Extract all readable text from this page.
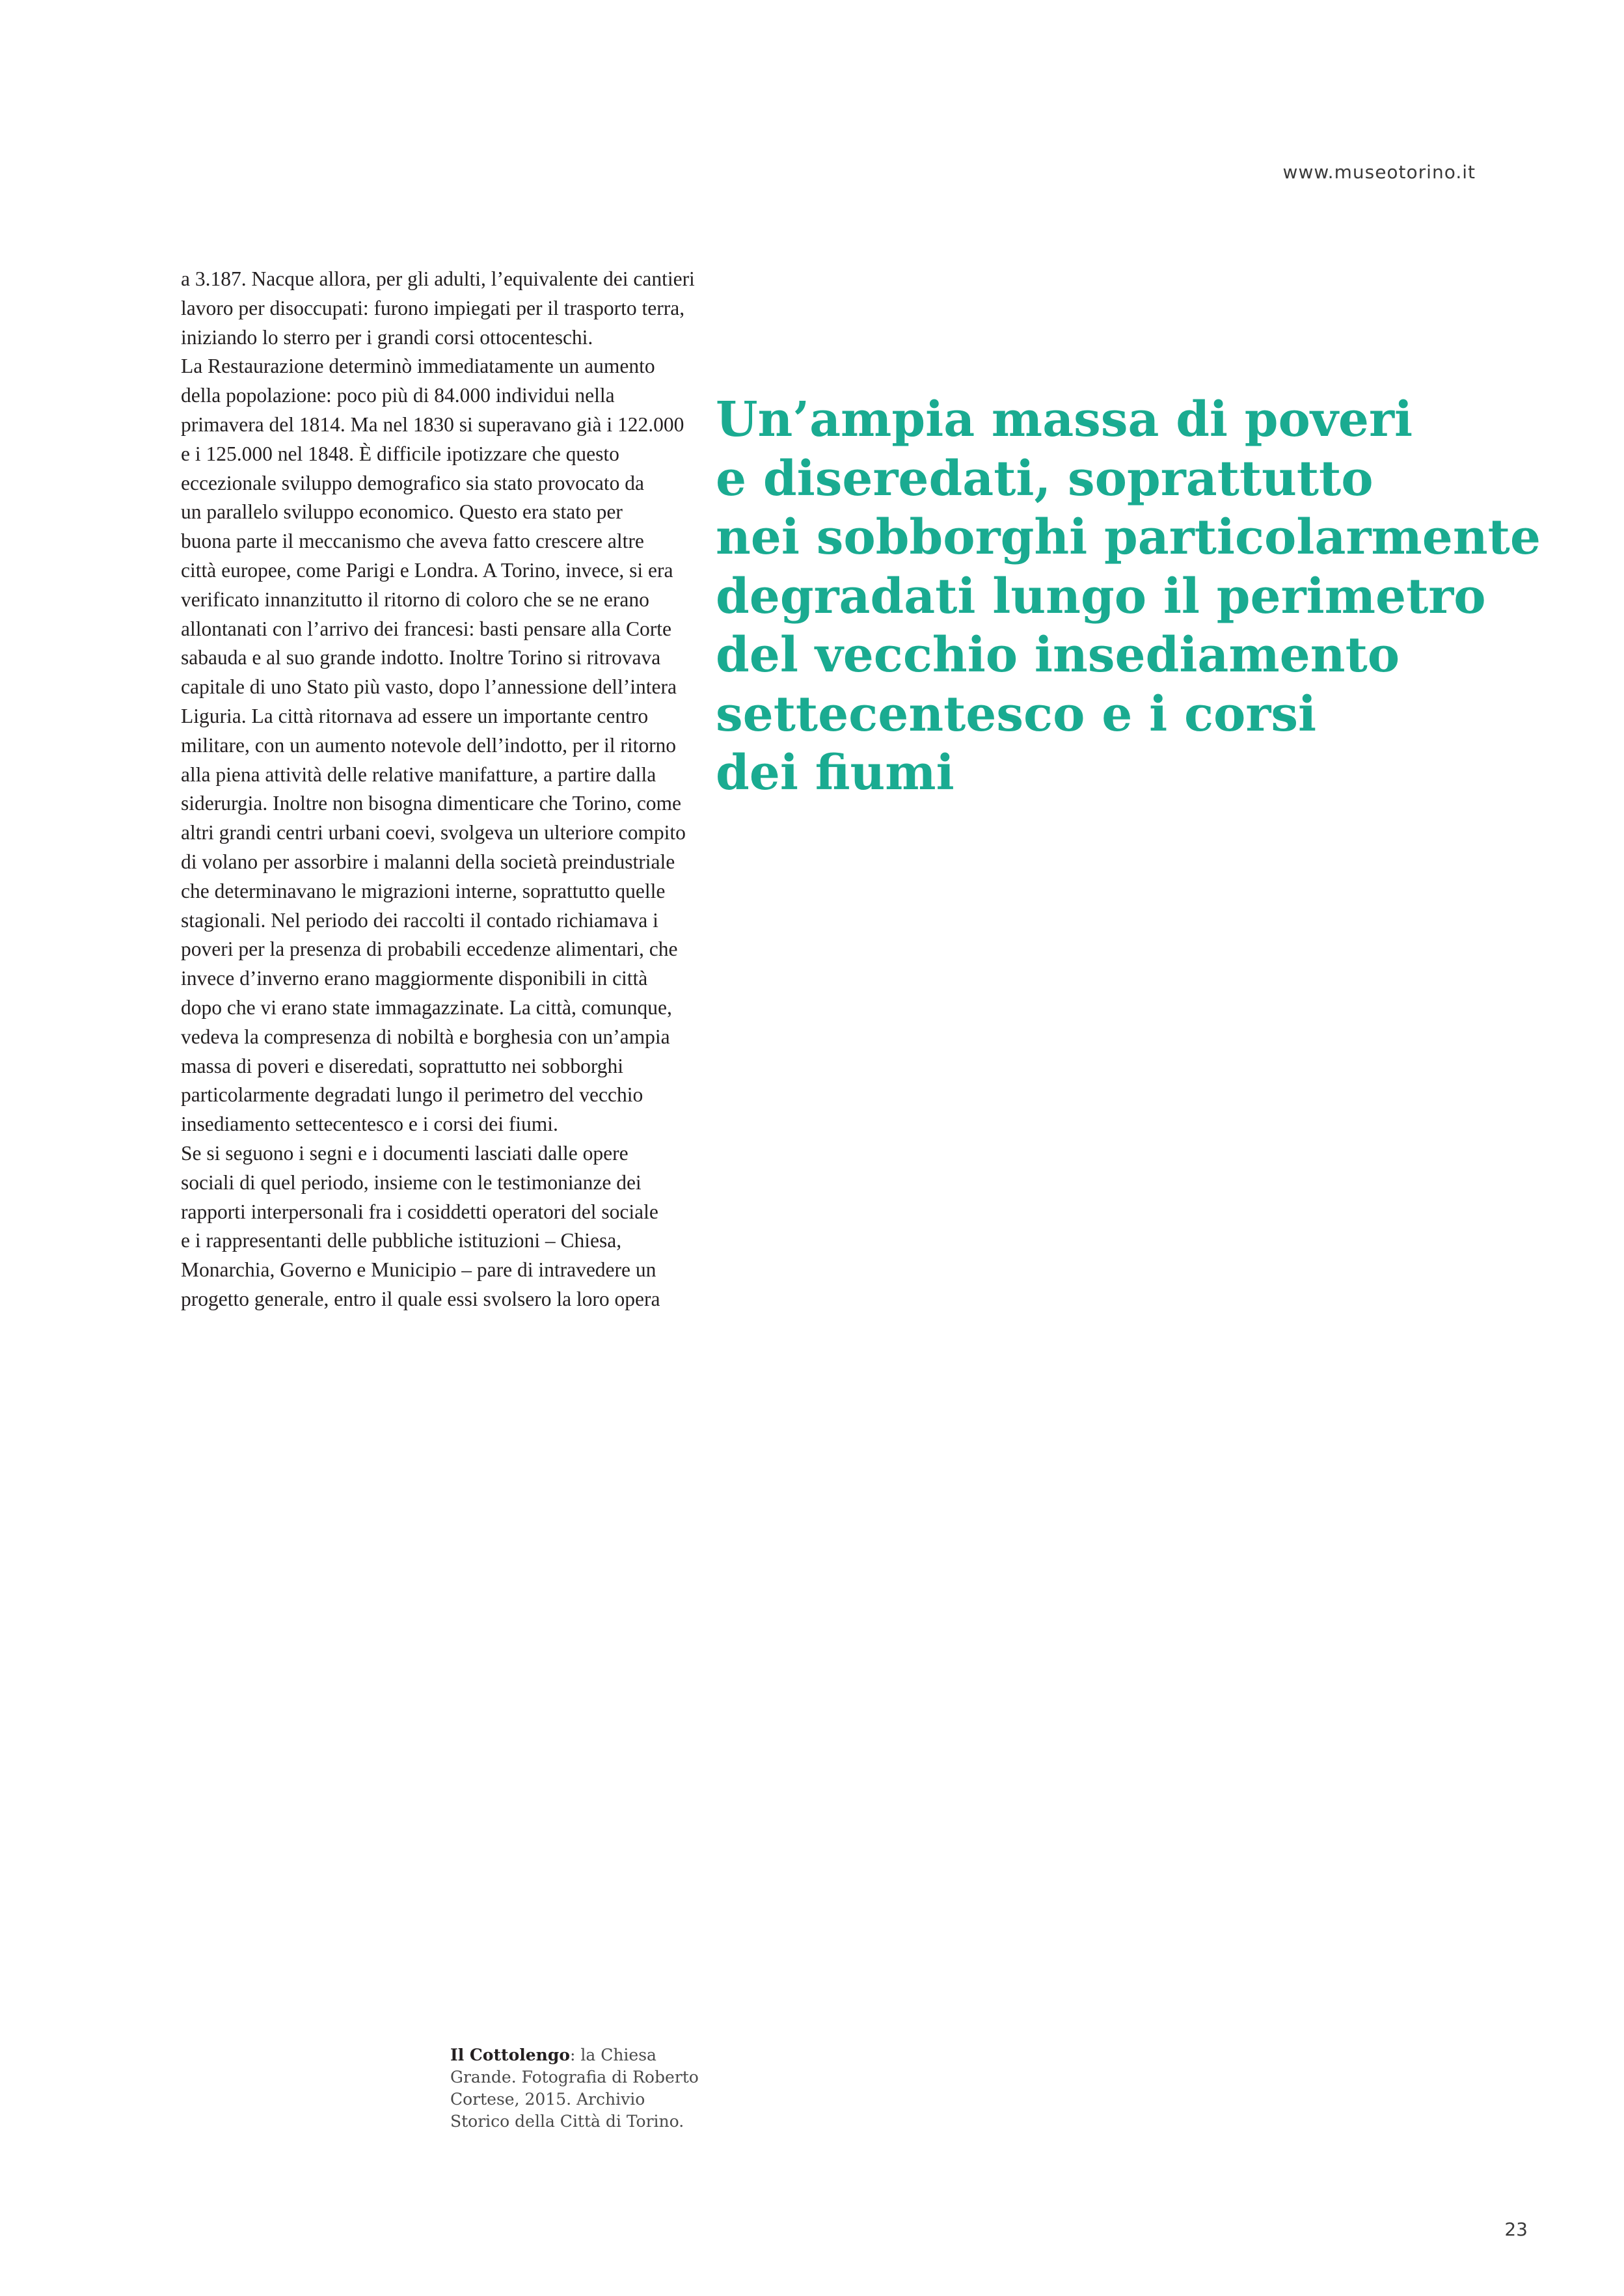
www.museotorino.it

a 3.187. Nacque allora, per gli adulti, l’equivalente dei cantieri
lavoro per disoccupati: furono impiegati per il trasporto terra,
iniziando lo sterro per i grandi corsi ottocenteschi.
La Restaurazione determinò immediatamente un aumento
della popolazione: poco più di 84.000 individui nella
primavera del 1814. Ma nel 1830 si superavano già i 122.000
e i 125.000 nel 1848. È difficile ipotizzare che questo
eccezionale sviluppo demografico sia stato provocato da
un parallelo sviluppo economico. Questo era stato per
buona parte il meccanismo che aveva fatto crescere altre
città europee, come Parigi e Londra. A Torino, invece, si era
verificato innanzitutto il ritorno di coloro che se ne erano
allontanati con l’arrivo dei francesi: basti pensare alla Corte
sabauda e al suo grande indotto. Inoltre Torino si ritrovava
capitale di uno Stato più vasto, dopo l’annessione dell’intera
Liguria. La città ritornava ad essere un importante centro
militare, con un aumento notevole dell’indotto, per il ritorno
alla piena attività delle relative manifatture, a partire dalla
siderurgia. Inoltre non bisogna dimenticare che Torino, come
altri grandi centri urbani coevi, svolgeva un ulteriore compito
di volano per assorbire i malanni della società preindustriale
che determinavano le migrazioni interne, soprattutto quelle
stagionali. Nel periodo dei raccolti il contado richiamava i
poveri per la presenza di probabili eccedenze alimentari, che
invece d’inverno erano maggiormente disponibili in città
dopo che vi erano state immagazzinate. La città, comunque,
vedeva la compresenza di nobiltà e borghesia con un’ampia
massa di poveri e diseredati, soprattutto nei sobborghi
particolarmente degradati lungo il perimetro del vecchio
insediamento settecentesco e i corsi dei fiumi.
Se si seguono i segni e i documenti lasciati dalle opere
sociali di quel periodo, insieme con le testimonianze dei
rapporti interpersonali fra i cosiddetti operatori del sociale
e i rappresentanti delle pubbliche istituzioni – Chiesa,
Monarchia, Governo e Municipio – pare di intravedere un
progetto generale, entro il quale essi svolsero la loro opera
Un’ampia massa di poveri
e diseredati, soprattutto
nei sobborghi particolarmente
degradati lungo il perimetro
del vecchio insediamento
settecentesco e i corsi
dei fiumi

Il Cottolengo: la Chiesa
Grande. Fotografia di Roberto
Cortese, 2015. Archivio
Storico della Città di Torino.

23
